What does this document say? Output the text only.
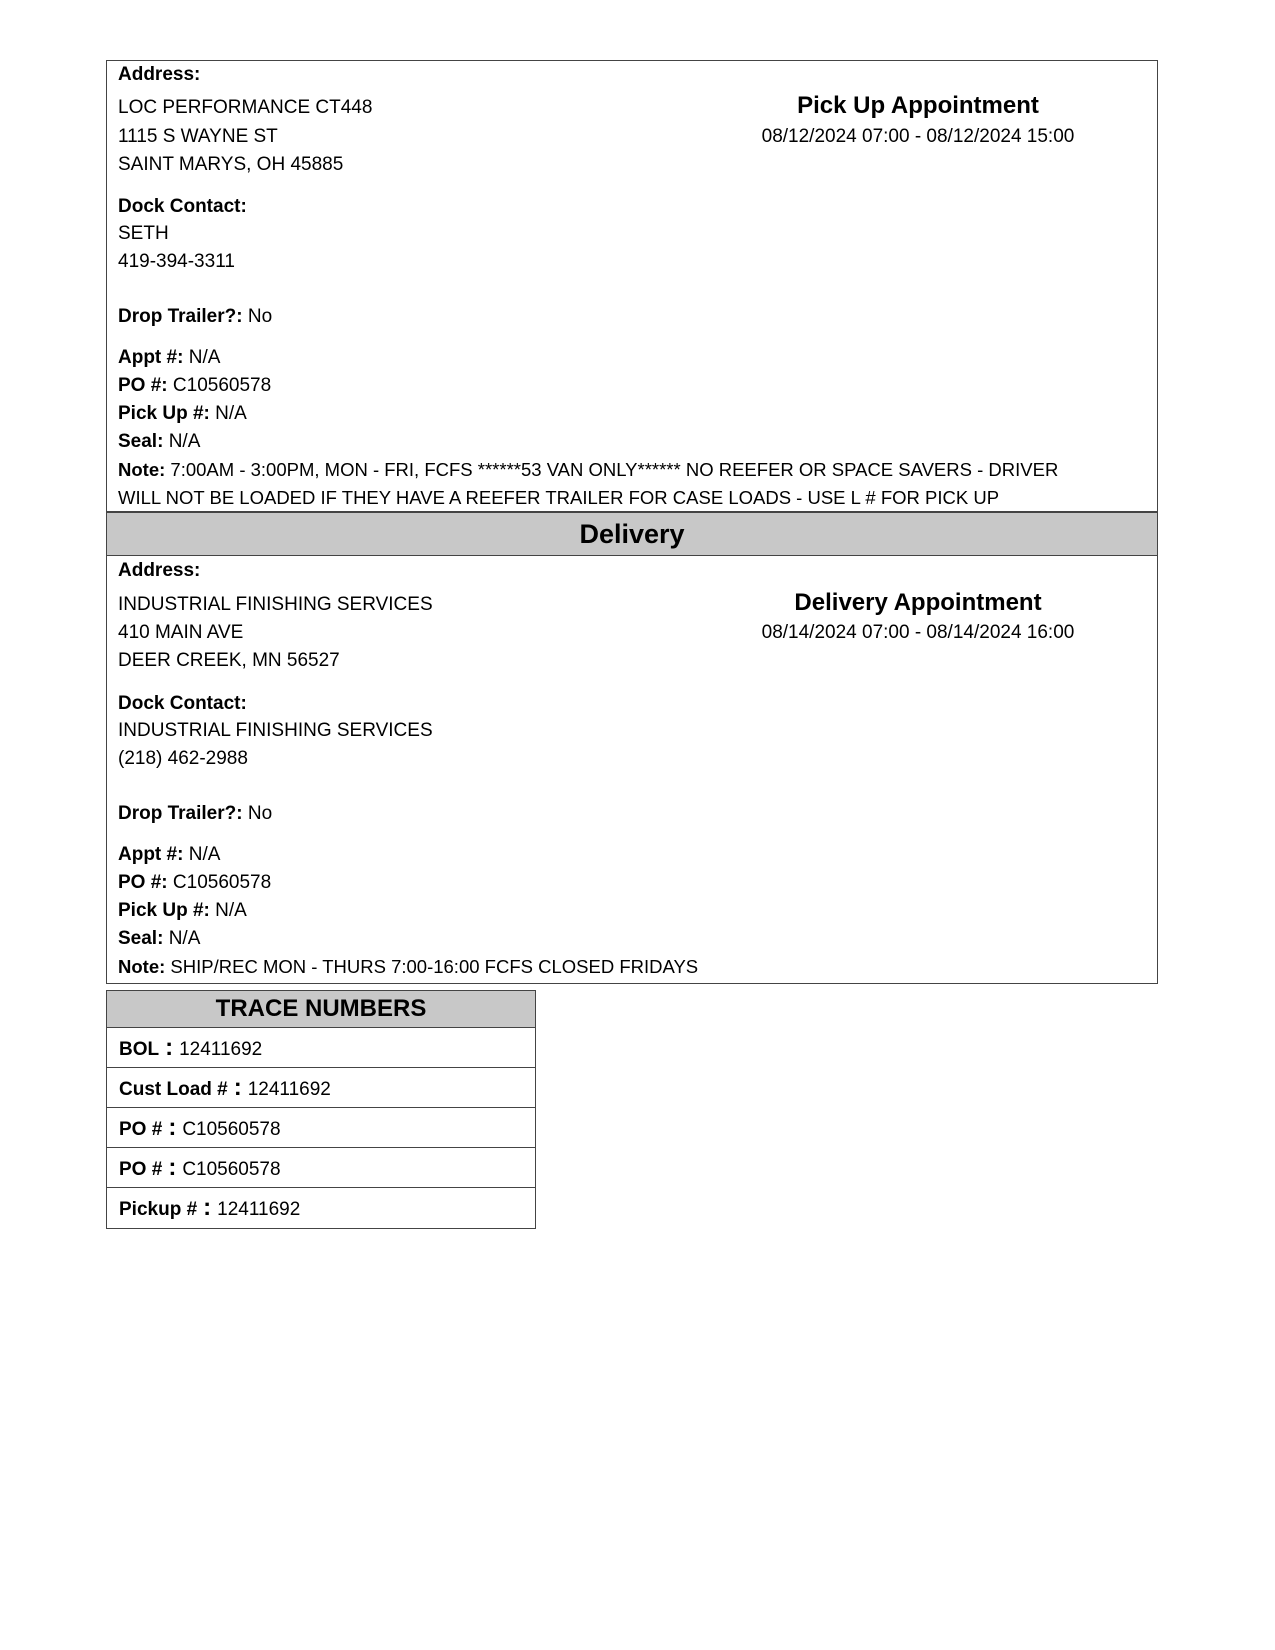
Address:
LOC PERFORMANCE CT448
1115 S WAYNE ST
SAINT MARYS, OH 45885
Pick Up Appointment
08/12/2024 07:00 - 08/12/2024 15:00
Dock Contact:
SETH
419-394-3311
Drop Trailer?: No
Appt #: N/A
PO #: C10560578
Pick Up #: N/A
Seal: N/A
Note: 7:00AM - 3:00PM, MON - FRI, FCFS ******53 VAN ONLY****** NO REEFER OR SPACE SAVERS - DRIVER
WILL NOT BE LOADED IF THEY HAVE A REEFER TRAILER FOR CASE LOADS - USE L # FOR PICK UP
Delivery
Address:
INDUSTRIAL FINISHING SERVICES
410 MAIN AVE
DEER CREEK, MN 56527
Delivery Appointment
08/14/2024 07:00 - 08/14/2024 16:00
Dock Contact:
INDUSTRIAL FINISHING SERVICES
(218) 462-2988
Drop Trailer?: No
Appt #: N/A
PO #: C10560578
Pick Up #: N/A
Seal: N/A
Note: SHIP/REC MON - THURS 7:00-16:00 FCFS CLOSED FRIDAYS
TRACE NUMBERS
BOL : 12411692
Cust Load # : 12411692
PO # : C10560578
PO # : C10560578
Pickup # : 12411692
